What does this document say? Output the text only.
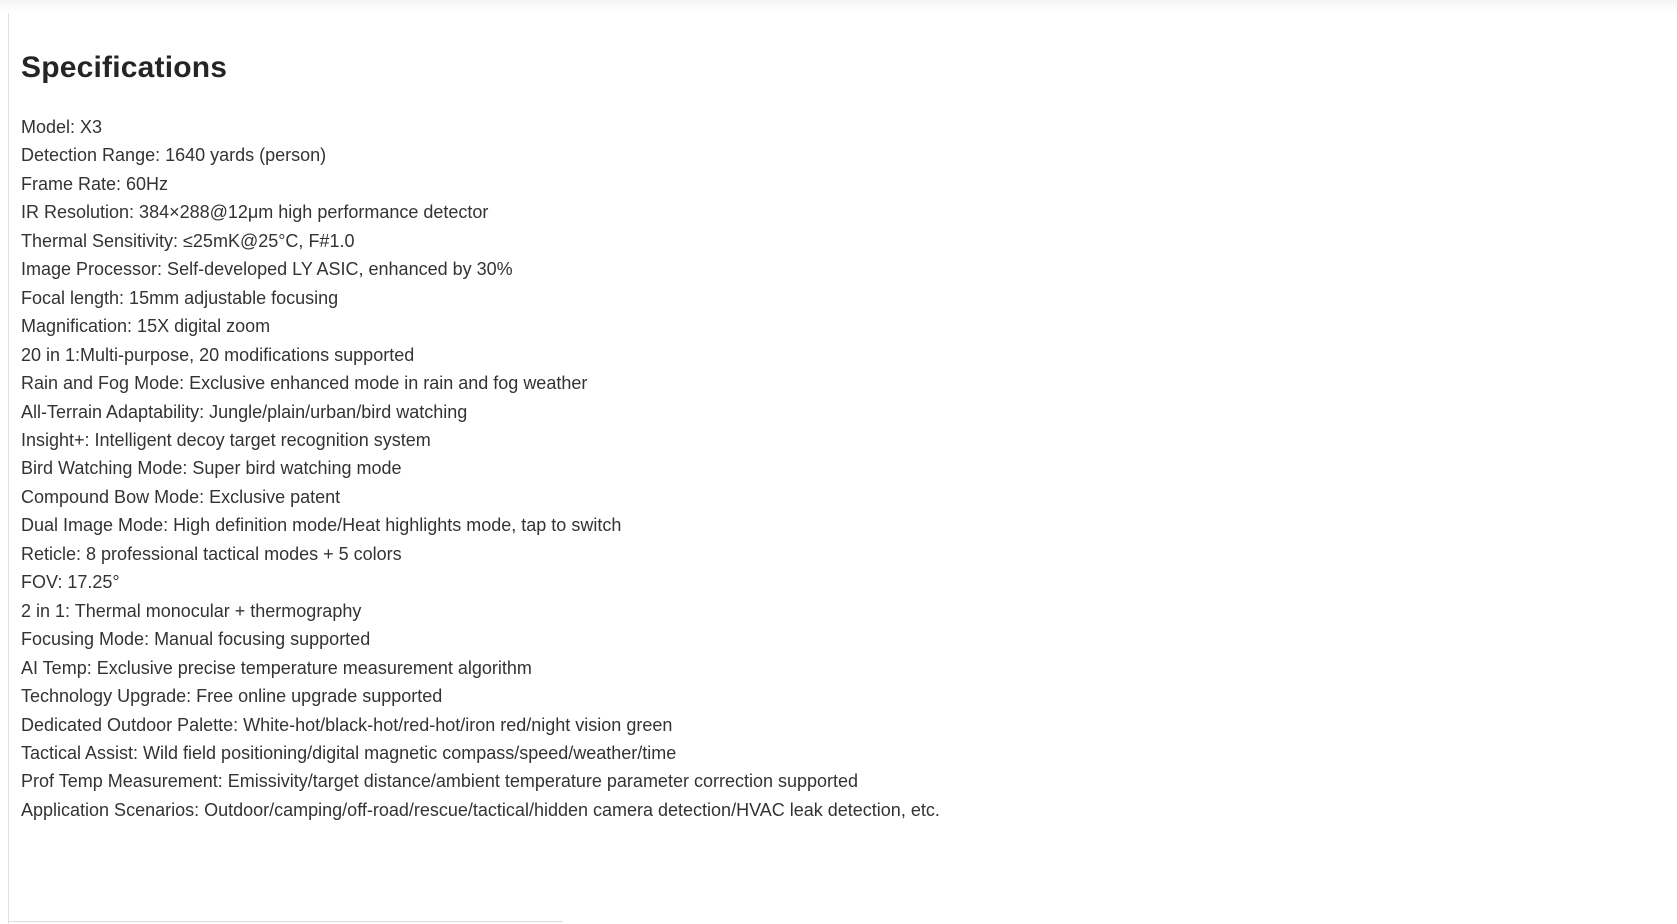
Specifications
Model: X3
Detection Range: 1640 yards (person)
Frame Rate: 60Hz
IR Resolution: 384×288@12μm high performance detector
Thermal Sensitivity: ≤25mK@25°C, F#1.0
Image Processor: Self-developed LY ASIC, enhanced by 30%
Focal length: 15mm adjustable focusing
Magnification: 15X digital zoom
20 in 1:Multi-purpose, 20 modifications supported
Rain and Fog Mode: Exclusive enhanced mode in rain and fog weather
All-Terrain Adaptability: Jungle/plain/urban/bird watching
Insight+: Intelligent decoy target recognition system
Bird Watching Mode: Super bird watching mode
Compound Bow Mode: Exclusive patent
Dual Image Mode: High definition mode/Heat highlights mode, tap to switch
Reticle: 8 professional tactical modes + 5 colors
FOV: 17.25°
2 in 1: Thermal monocular + thermography
Focusing Mode: Manual focusing supported
AI Temp: Exclusive precise temperature measurement algorithm
Technology Upgrade: Free online upgrade supported
Dedicated Outdoor Palette: White-hot/black-hot/red-hot/iron red/night vision green
Tactical Assist: Wild field positioning/digital magnetic compass/speed/weather/time
Prof Temp Measurement: Emissivity/target distance/ambient temperature parameter correction supported
Application Scenarios: Outdoor/camping/off-road/rescue/tactical/hidden camera detection/HVAC leak detection, etc.
